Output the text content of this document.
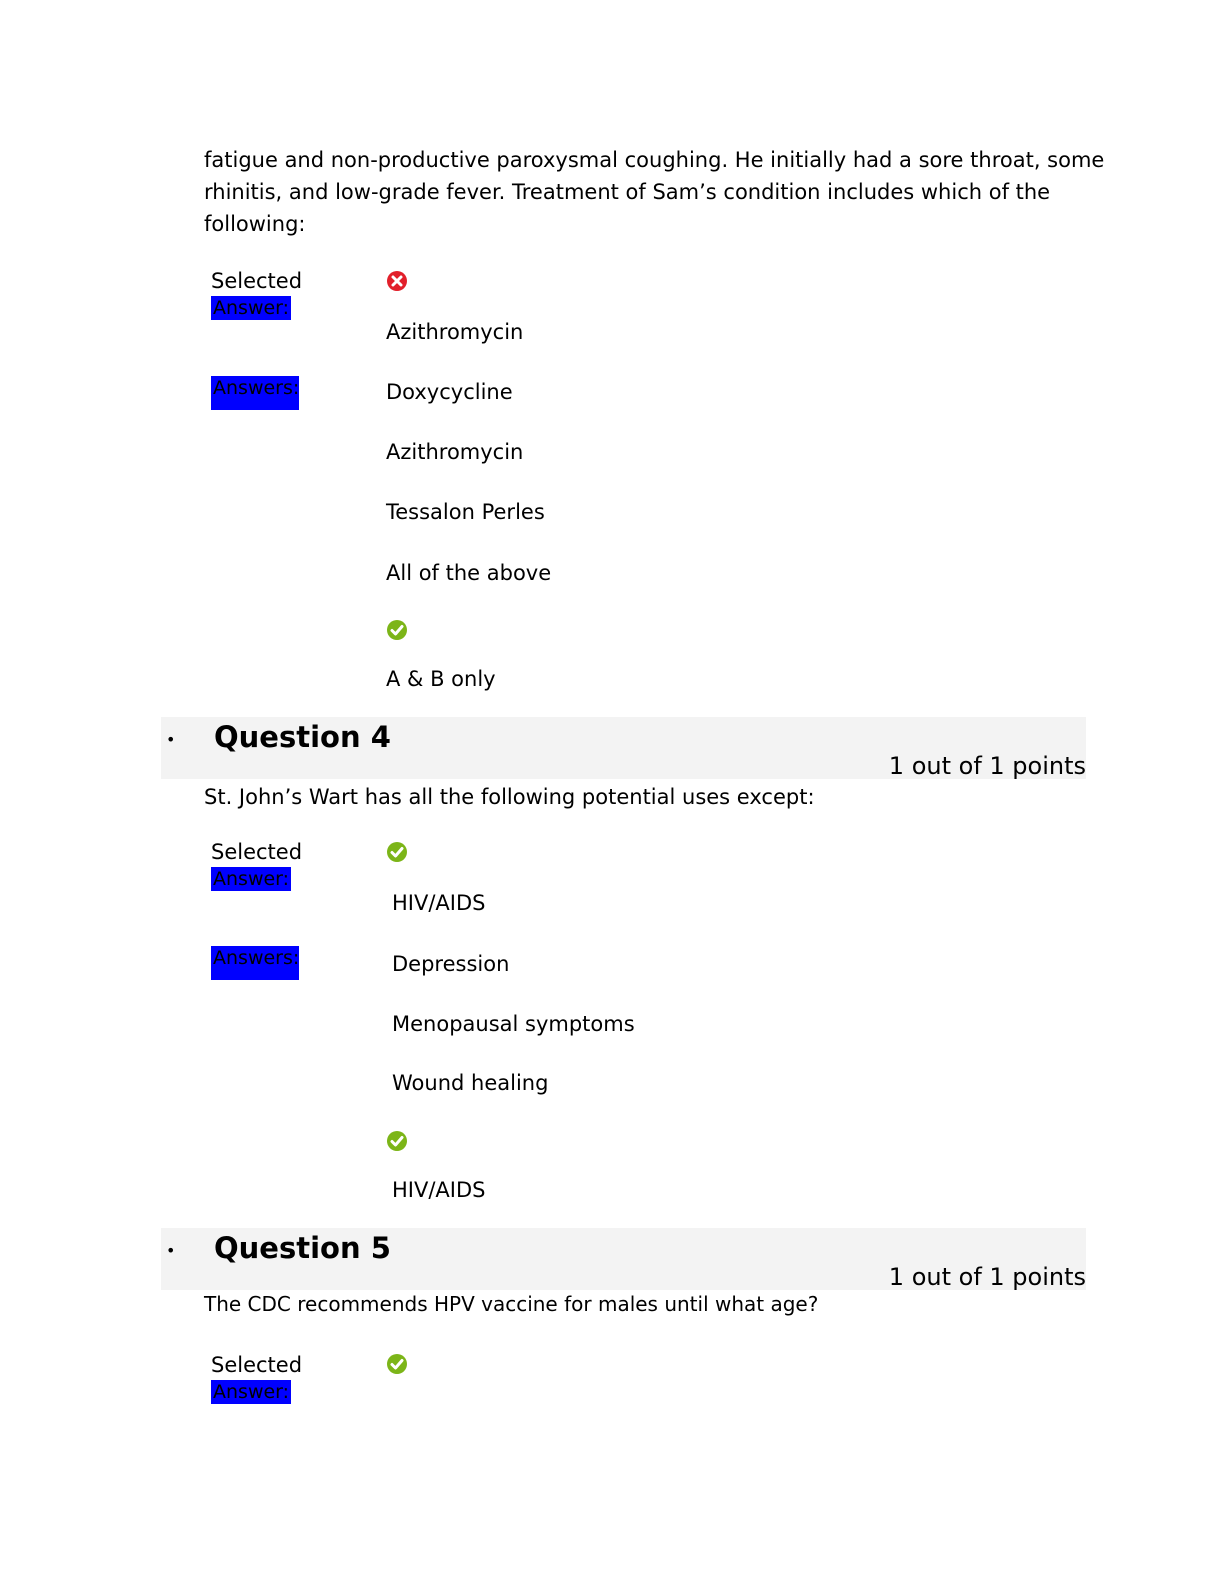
fatigue and non-productive paroxysmal coughing. He initially had a sore throat, some
rhinitis, and low-grade fever. Treatment of Sam’s condition includes which of the
following:
Selected
Answer:
Azithromycin
Answers:	Doxycycline
Azithromycin
Tessalon Perles
All of the above
A & B only
• Question 4
1 out of 1 points
St. John’s Wart has all the following potential uses except:
Selected
Answer:
HIV/AIDS
Answers:	Depression
Menopausal symptoms
Wound healing
HIV/AIDS
• Question 5
1 out of 1 points
The CDC recommends HPV vaccine for males until what age?
Selected
Answer:
